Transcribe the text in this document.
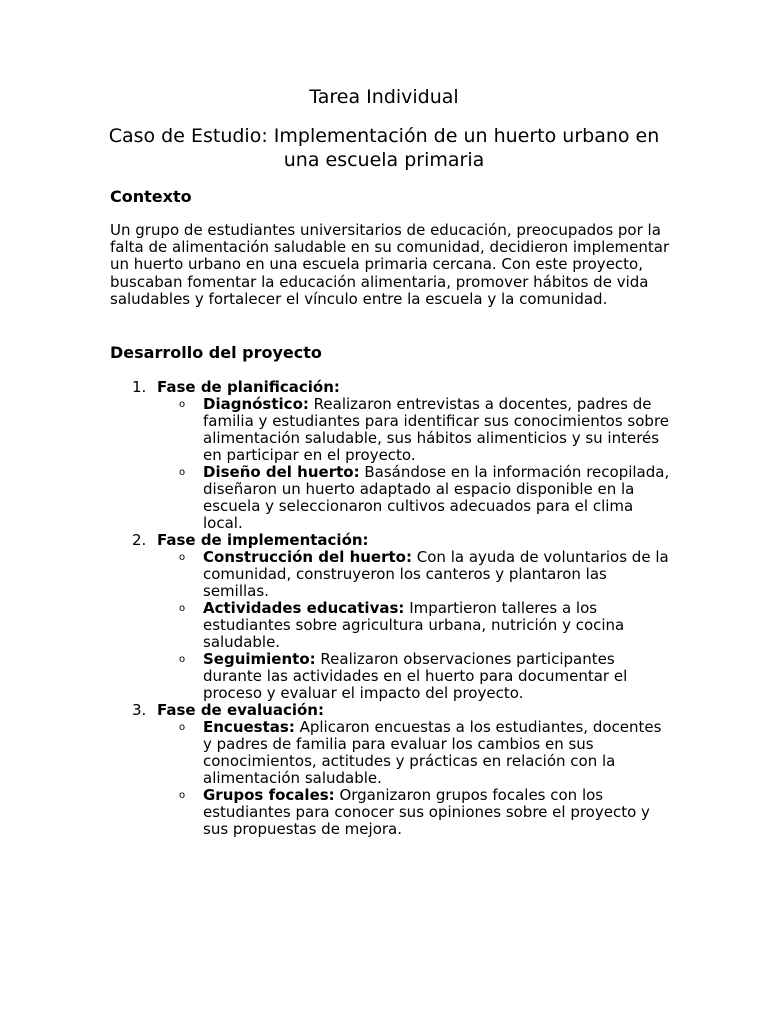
Tarea Individual
Caso de Estudio: Implementación de un huerto urbano en una escuela primaria
Contexto

Un grupo de estudiantes universitarios de educación, preocupados por la falta de alimentación saludable en su comunidad, decidieron implementar un huerto urbano en una escuela primaria cercana. Con este proyecto, buscaban fomentar la educación alimentaria, promover hábitos de vida saludables y fortalecer el vínculo entre la escuela y la comunidad.

Desarrollo del proyecto
1. Fase de planificación:
o Diagnóstico: Realizaron entrevistas a docentes, padres de familia y estudiantes para identificar sus conocimientos sobre alimentación saludable, sus hábitos alimenticios y su interés en participar en el proyecto.
o Diseño del huerto: Basándose en la información recopilada, diseñaron un huerto adaptado al espacio disponible en la escuela y seleccionaron cultivos adecuados para el clima local.
2. Fase de implementación:
o Construcción del huerto: Con la ayuda de voluntarios de la comunidad, construyeron los canteros y plantaron las semillas.
o Actividades educativas: Impartieron talleres a los estudiantes sobre agricultura urbana, nutrición y cocina saludable.
o Seguimiento: Realizaron observaciones participantes durante las actividades en el huerto para documentar el proceso y evaluar el impacto del proyecto.
3. Fase de evaluación:
o Encuestas: Aplicaron encuestas a los estudiantes, docentes y padres de familia para evaluar los cambios en sus conocimientos, actitudes y prácticas en relación con la alimentación saludable.
o Grupos focales: Organizaron grupos focales con los estudiantes para conocer sus opiniones sobre el proyecto y sus propuestas de mejora.
